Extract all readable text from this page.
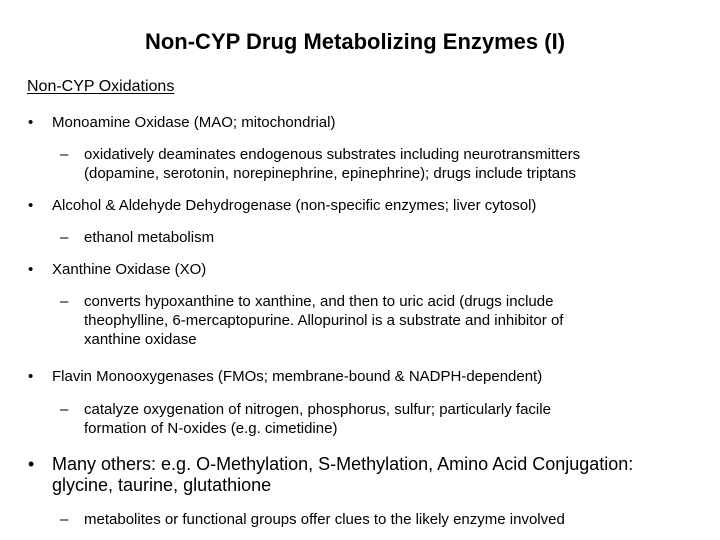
Non-CYP Drug Metabolizing Enzymes (I)
Non-CYP Oxidations
• Monoamine Oxidase (MAO; mitochondrial)
– oxidatively deaminates endogenous substrates including neurotransmitters
(dopamine, serotonin, norepinephrine, epinephrine); drugs include triptans
• Alcohol & Aldehyde Dehydrogenase (non-specific enzymes; liver cytosol)
– ethanol metabolism
• Xanthine Oxidase (XO)
– converts hypoxanthine to xanthine, and then to uric acid (drugs include
theophylline, 6-mercaptopurine. Allopurinol is a substrate and inhibitor of
xanthine oxidase
• Flavin Monooxygenases (FMOs; membrane-bound & NADPH-dependent)
– catalyze oxygenation of nitrogen, phosphorus, sulfur; particularly facile
formation of N-oxides (e.g. cimetidine)
• Many others: e.g. O-Methylation, S-Methylation, Amino Acid Conjugation:
glycine, taurine, glutathione
– metabolites or functional groups offer clues to the likely enzyme involved
